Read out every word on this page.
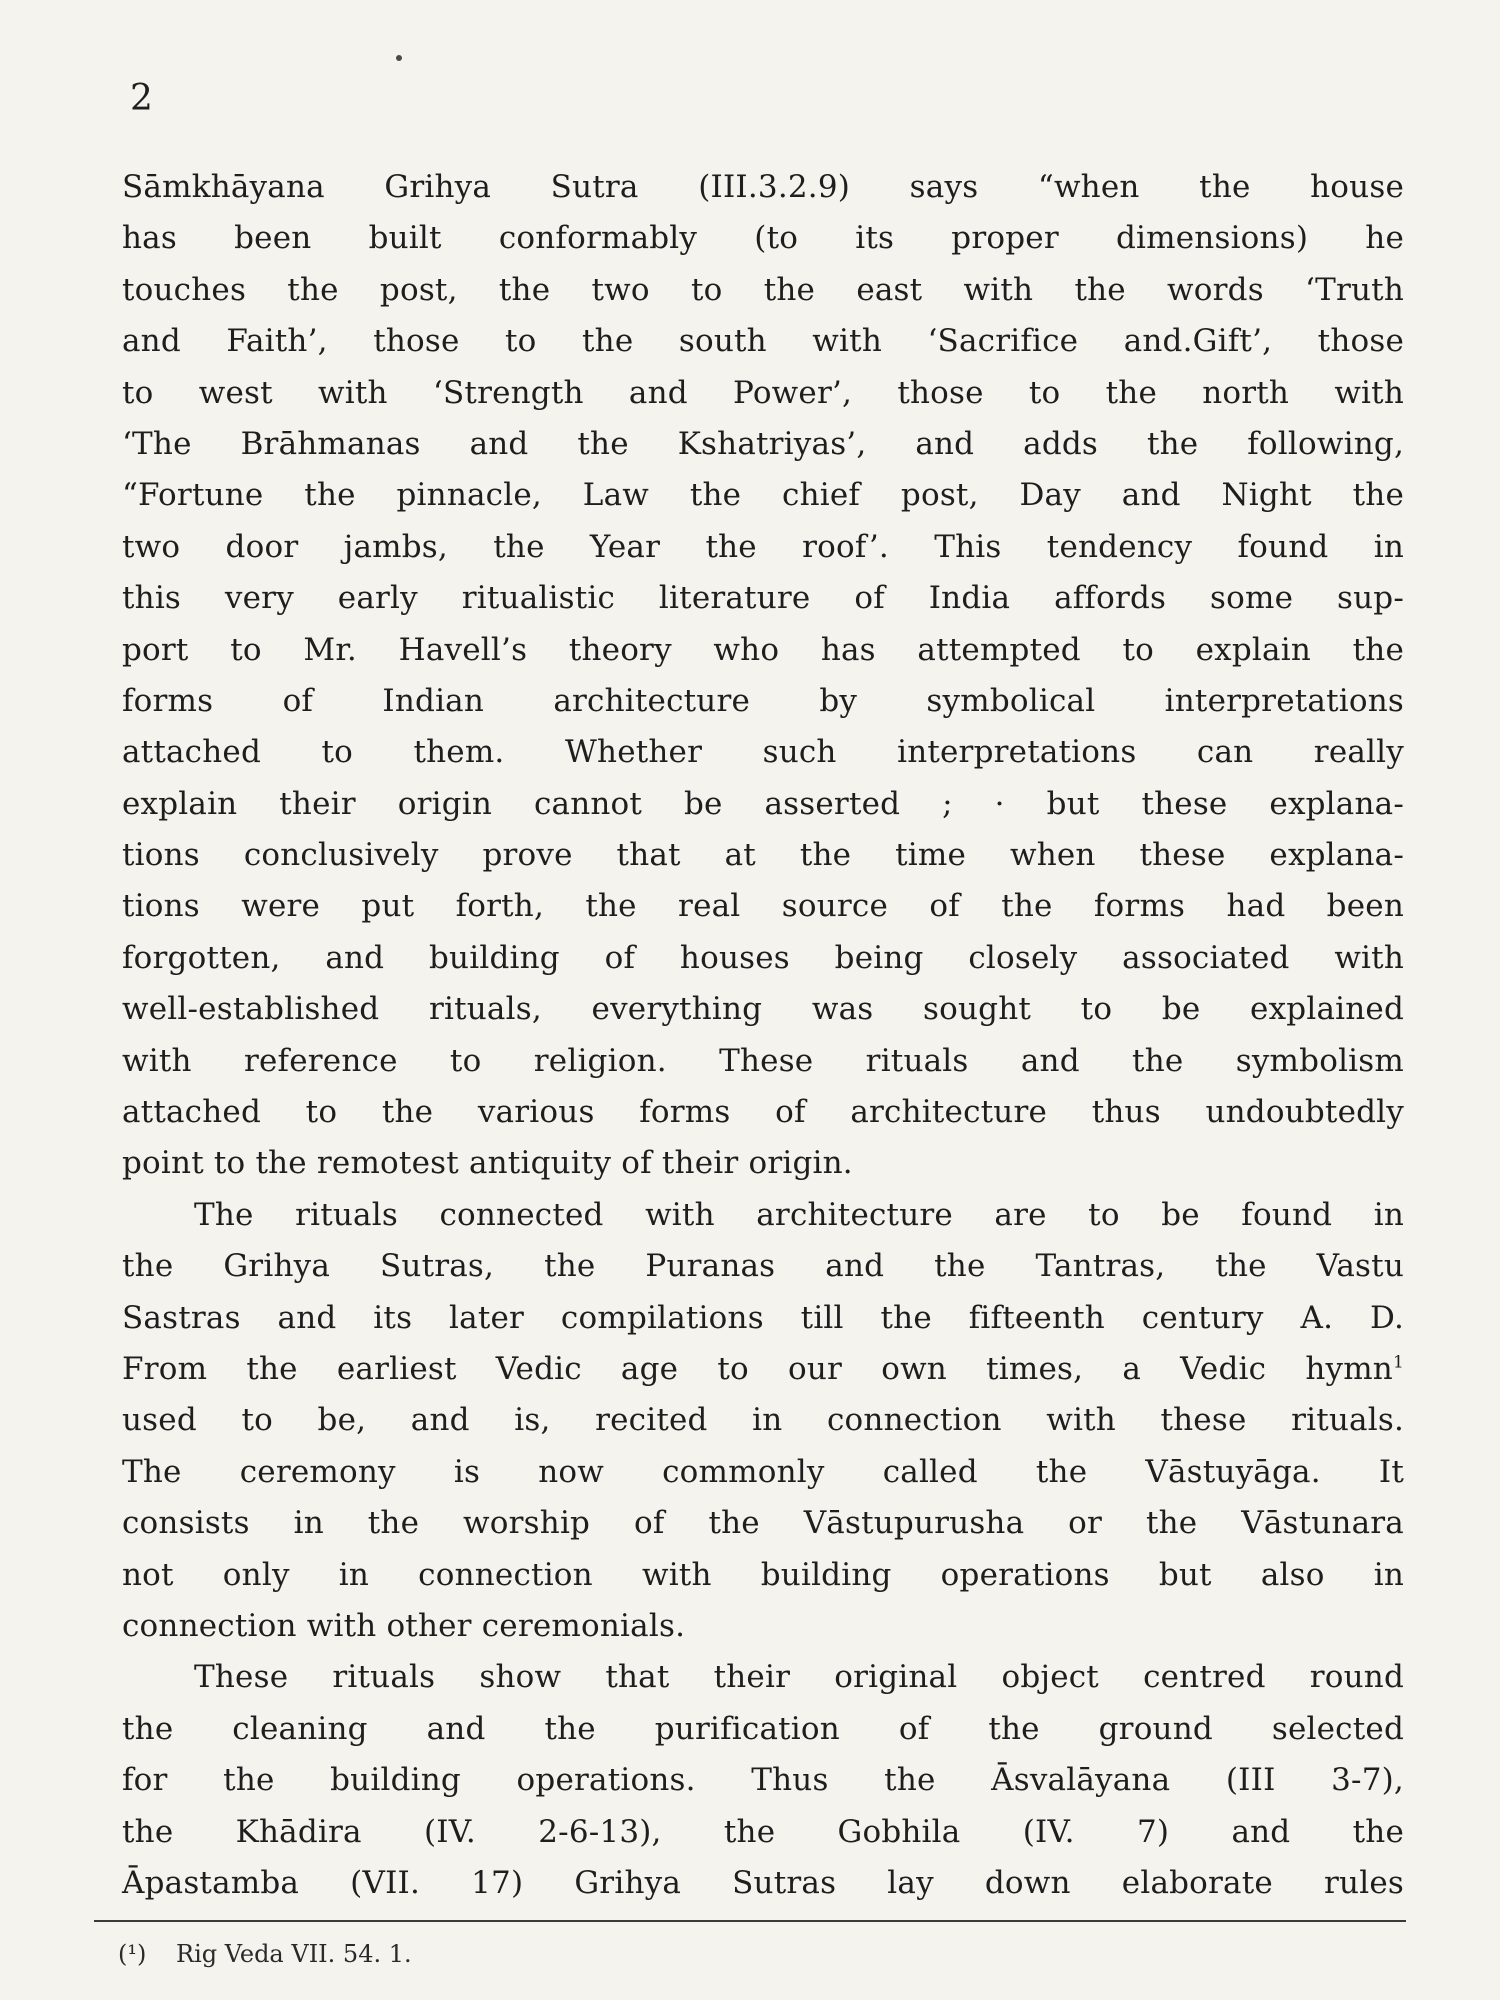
2
Sāmkhāyana Grihya Sutra (III.3.2.9) says “when the house
has been built conformably (to its proper dimensions) he
touches the post, the two to the east with the words ‘Truth
and Faith’, those to the south with ‘Sacrifice and.Gift’, those
to west with ‘Strength and Power’, those to the north with
‘The Brāhmanas and the Kshatriyas’, and adds the following,
“Fortune the pinnacle, Law the chief post, Day and Night the
two door jambs, the Year the roof’. This tendency found in
this very early ritualistic literature of India affords some sup-
port to Mr. Havell’s theory who has attempted to explain the
forms of Indian architecture by symbolical interpretations
attached to them. Whether such interpretations can really
explain their origin cannot be asserted ; · but these explana-
tions conclusively prove that at the time when these explana-
tions were put forth, the real source of the forms had been
forgotten, and building of houses being closely associated with
well-established rituals, everything was sought to be explained
with reference to religion. These rituals and the symbolism
attached to the various forms of architecture thus undoubtedly
point to the remotest antiquity of their origin.
The rituals connected with architecture are to be found in
the Grihya Sutras, the Puranas and the Tantras, the Vastu
Sastras and its later compilations till the fifteenth century A. D.
From the earliest Vedic age to our own times, a Vedic hymn$^1$
used to be, and is, recited in connection with these rituals.
The ceremony is now commonly called the Vāstuyāga. It
consists in the worship of the Vāstupurusha or the Vāstunara
not only in connection with building operations but also in
connection with other ceremonials.
These rituals show that their original object centred round
the cleaning and the purification of the ground selected
for the building operations. Thus the Āsvalāyana (III 3-7),
the Khādira (IV. 2-6-13), the Gobhila (IV. 7) and the
Āpastamba (VII. 17) Grihya Sutras lay down elaborate rules
(¹) Rig Veda VII. 54. 1.
